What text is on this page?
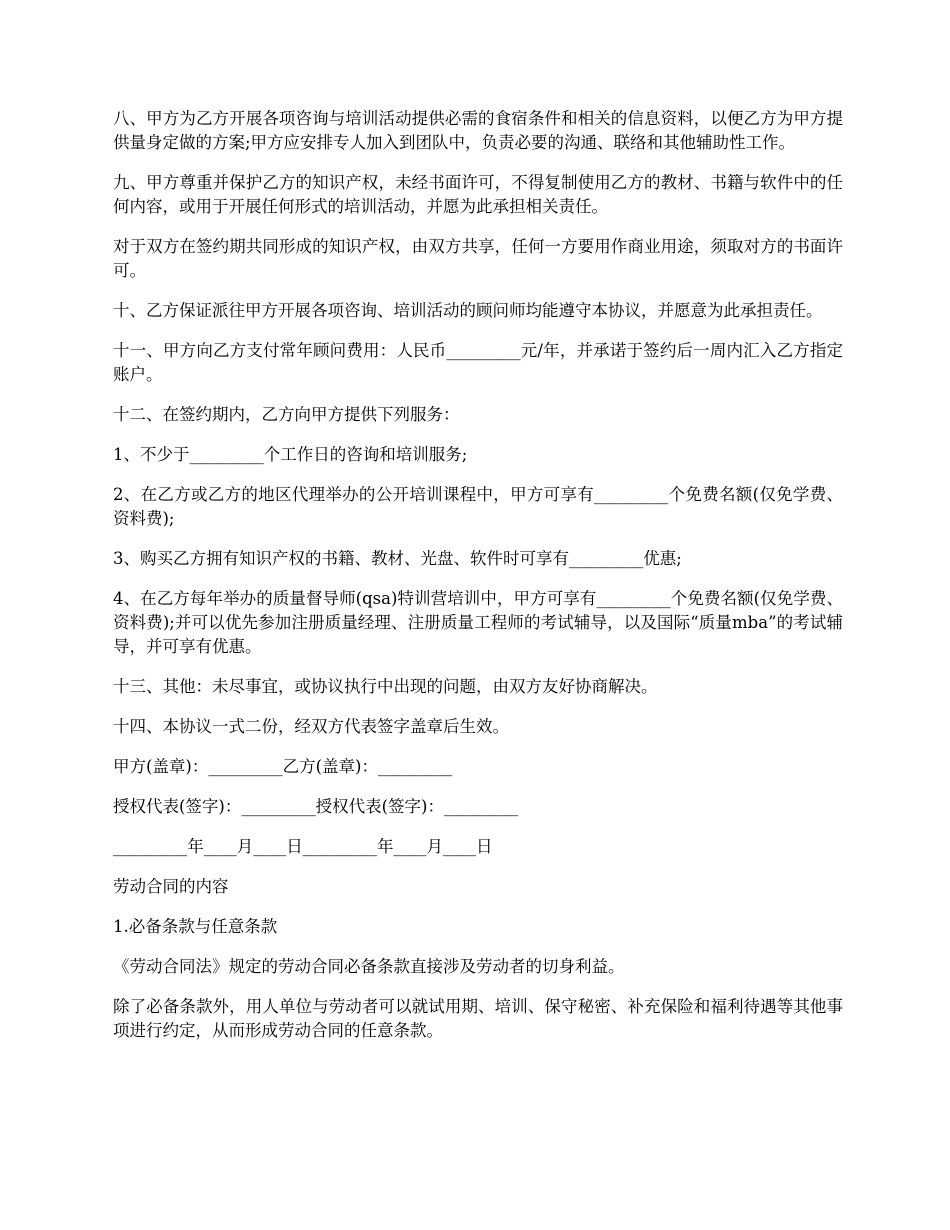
八、甲方为乙方开展各项咨询与培训活动提供必需的食宿条件和相关的信息资料，以便乙方为甲方提供量身定做的方案;甲方应安排专人加入到团队中，负责必要的沟通、联络和其他辅助性工作。

九、甲方尊重并保护乙方的知识产权，未经书面许可，不得复制使用乙方的教材、书籍与软件中的任何内容，或用于开展任何形式的培训活动，并愿为此承担相关责任。

对于双方在签约期共同形成的知识产权，由双方共享，任何一方要用作商业用途，须取对方的书面许可。

十、乙方保证派往甲方开展各项咨询、培训活动的顾问师均能遵守本协议，并愿意为此承担责任。

十一、甲方向乙方支付常年顾问费用：人民币_________元/年，并承诺于签约后一周内汇入乙方指定账户。

十二、在签约期内，乙方向甲方提供下列服务：

1、不少于_________个工作日的咨询和培训服务;

2、在乙方或乙方的地区代理举办的公开培训课程中，甲方可享有_________个免费名额(仅免学费、资料费);

3、购买乙方拥有知识产权的书籍、教材、光盘、软件时可享有_________优惠;

4、在乙方每年举办的质量督导师(qsa)特训营培训中，甲方可享有_________个免费名额(仅免学费、资料费);并可以优先参加注册质量经理、注册质量工程师的考试辅导，以及国际“质量mba”的考试辅导，并可享有优惠。

十三、其他：未尽事宜，或协议执行中出现的问题，由双方友好协商解决。

十四、本协议一式二份，经双方代表签字盖章后生效。

甲方(盖章)：_________乙方(盖章)：_________

授权代表(签字)：_________授权代表(签字)：_________

_________年____月____日_________年____月____日

劳动合同的内容

1.必备条款与任意条款

《劳动合同法》规定的劳动合同必备条款直接涉及劳动者的切身利益。

除了必备条款外，用人单位与劳动者可以就试用期、培训、保守秘密、补充保险和福利待遇等其他事项进行约定，从而形成劳动合同的任意条款。
